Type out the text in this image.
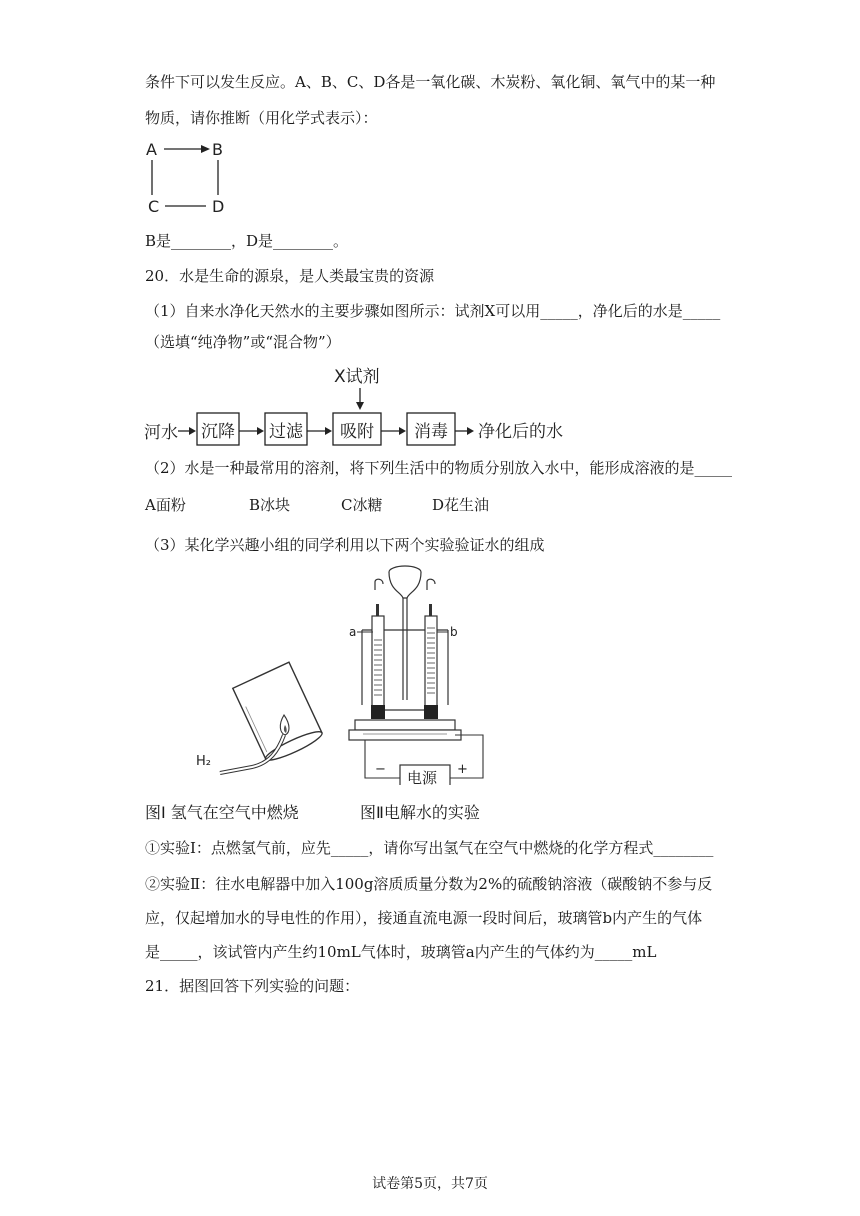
条件下可以发生反应。A、B、C、D各是一氧化碳、木炭粉、氧化铜、氧气中的某一种
物质，请你推断（用化学式表示）：
A	B
C	D
B是________，D是________。
20．水是生命的源泉，是人类最宝贵的资源
（1）自来水净化天然水的主要步骤如图所示：试剂X可以用_____，净化后的水是_____
（选填“纯净物”或“混合物”）
X试剂
河水 沉降 过滤 吸附 消毒 净化后的水
（2）水是一种最常用的溶剂，将下列生活中的物质分别放入水中，能形成溶液的是_____
A面粉	B冰块	C冰糖	D花生油
（3）某化学兴趣小组的同学利用以下两个实验验证水的组成
H₂
a	b
电源
−	+
图Ⅰ 氢气在空气中燃烧	图Ⅱ电解水的实验
①实验Ⅰ：点燃氢气前，应先_____，请你写出氢气在空气中燃烧的化学方程式________
②实验Ⅱ：往水电解器中加入100g溶质质量分数为2%的硫酸钠溶液（碳酸钠不参与反
应，仅起增加水的导电性的作用），接通直流电源一段时间后，玻璃管b内产生的气体
是_____，该试管内产生约10mL气体时，玻璃管a内产生的气体约为_____mL
21．据图回答下列实验的问题：
试卷第5页，共7页
